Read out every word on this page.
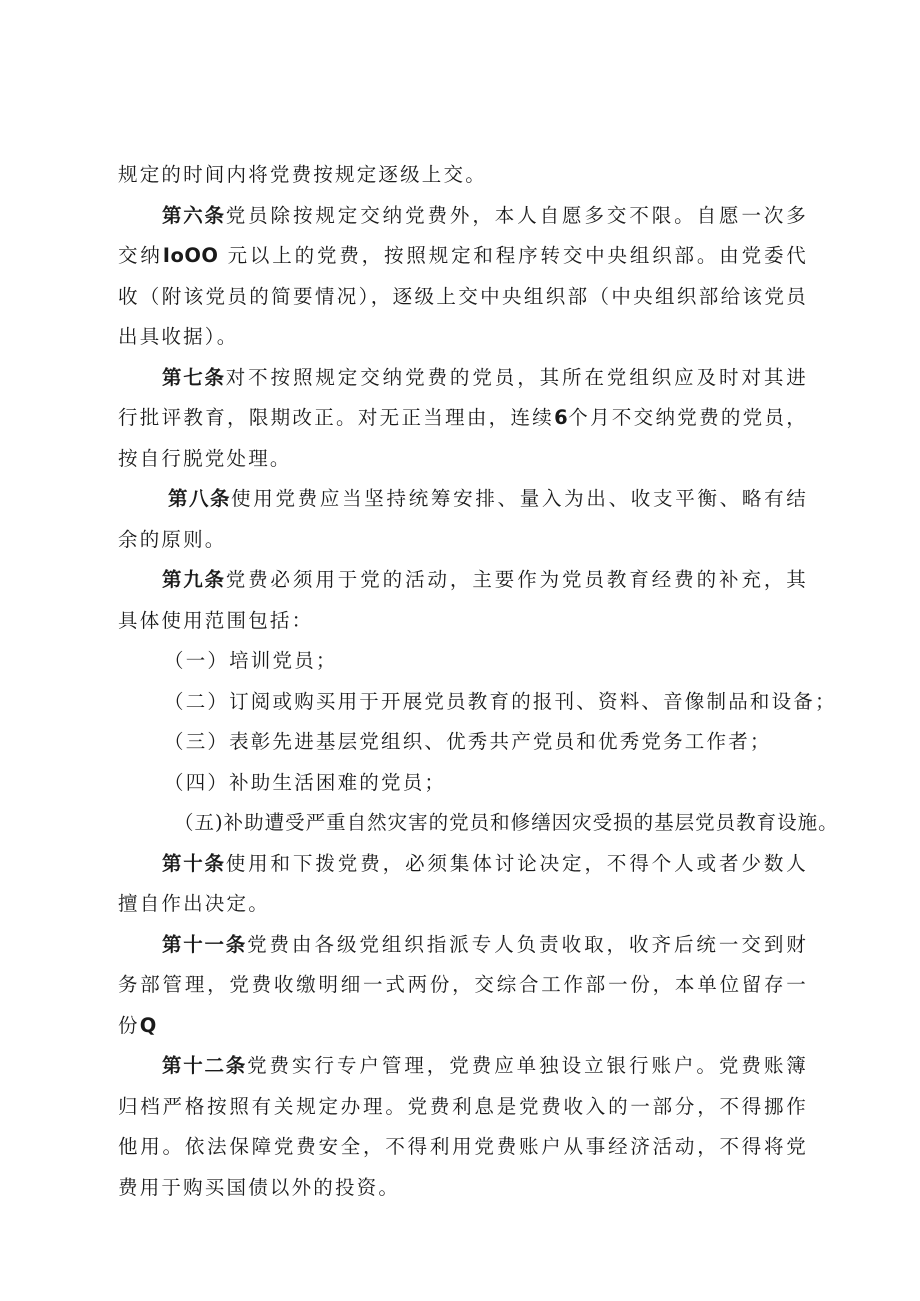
规定的时间内将党费按规定逐级上交。

第六条党员除按规定交纳党费外，本人自愿多交不限。自愿一次多交纳IoOO 元以上的党费，按照规定和程序转交中央组织部。由党委代收（附该党员的简要情况），逐级上交中央组织部（中央组织部给该党员出具收据）。

第七条对不按照规定交纳党费的党员，其所在党组织应及时对其进行批评教育，限期改正。对无正当理由，连续6个月不交纳党费的党员，按自行脱党处理。

第八条使用党费应当坚持统筹安排、量入为出、收支平衡、略有结余的原则。

第九条党费必须用于党的活动，主要作为党员教育经费的补充，其具体使用范围包括：

（一）培训党员；

（二）订阅或购买用于开展党员教育的报刊、资料、音像制品和设备；

（三）表彰先进基层党组织、优秀共产党员和优秀党务工作者；

（四）补助生活困难的党员；

（五)补助遭受严重自然灾害的党员和修缮因灾受损的基层党员教育设施。

第十条使用和下拨党费，必须集体讨论决定，不得个人或者少数人擅自作出决定。

第十一条党费由各级党组织指派专人负责收取，收齐后统一交到财务部管理，党费收缴明细一式两份，交综合工作部一份，本单位留存一份Q

第十二条党费实行专户管理，党费应单独设立银行账户。党费账簿归档严格按照有关规定办理。党费利息是党费收入的一部分，不得挪作他用。依法保障党费安全，不得利用党费账户从事经济活动，不得将党费用于购买国债以外的投资。
